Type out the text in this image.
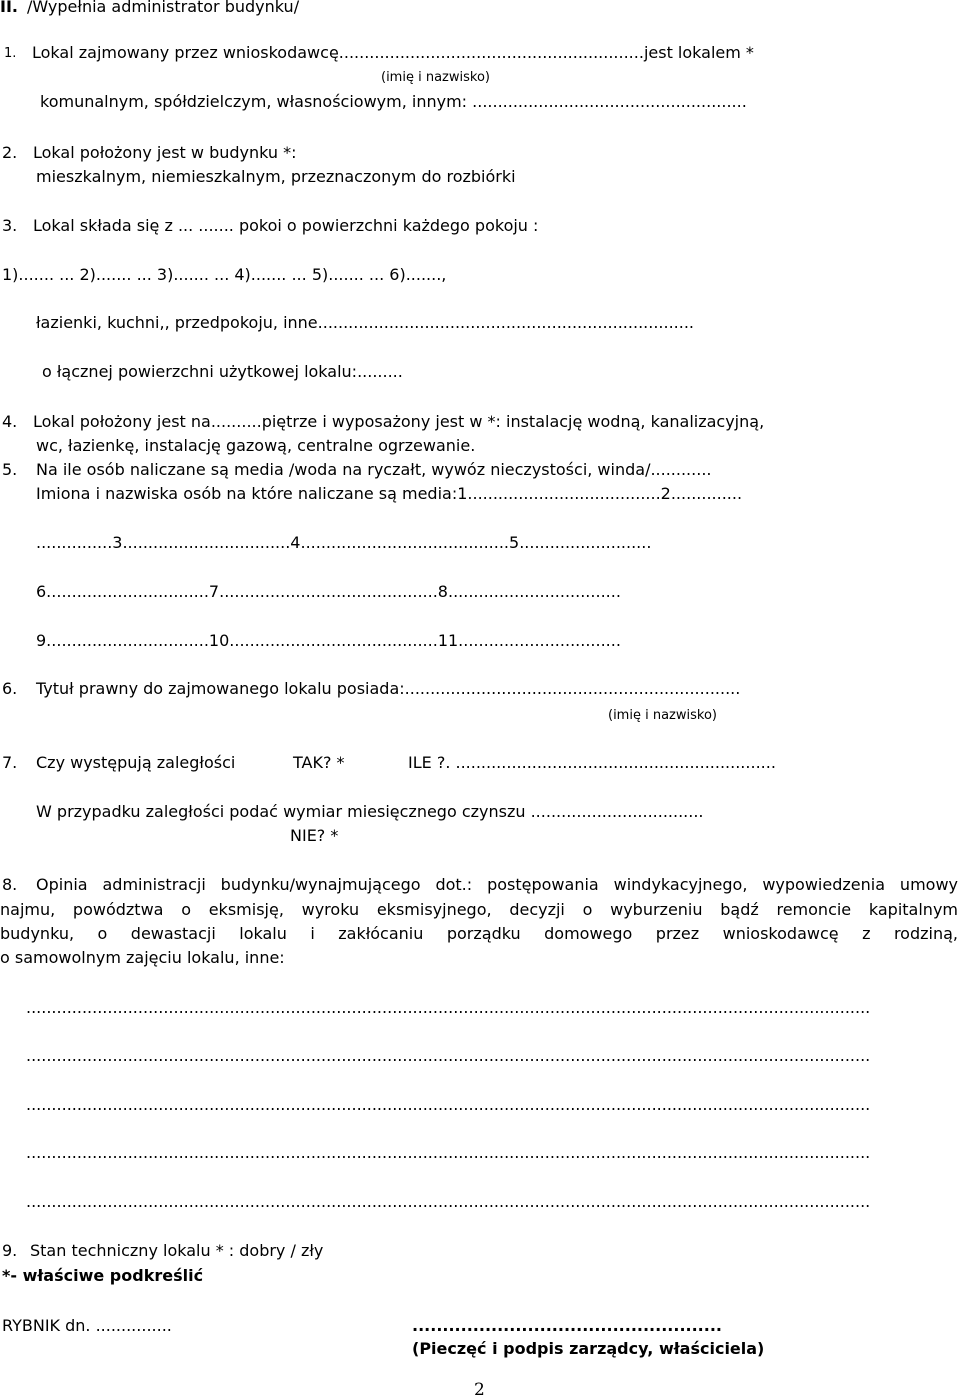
II. /Wypełnia administrator budynku/
1. Lokal zajmowany przez wnioskodawcę............................................................jest lokalem *
(imię i nazwisko)
komunalnym, spółdzielczym, własnościowym, innym: ......................................................
2. Lokal położony jest w budynku *:
mieszkalnym, niemieszkalnym, przeznaczonym do rozbiórki
3. Lokal składa się z ... ....... pokoi o powierzchni każdego pokoju :
1)....... ... 2)....... ... 3)....... ... 4)....... ... 5)....... ... 6).......,
łazienki, kuchni,, przedpokoju, inne..........................................................................
o łącznej powierzchni użytkowej lokalu:.........
4. Lokal położony jest na..........piętrze i wyposażony jest w *: instalację wodną, kanalizacyjną,
wc, łazienkę, instalację gazową, centralne ogrzewanie.
5. Na ile osób naliczane są media /woda na ryczałt, wywóz nieczystości, winda/............
Imiona i nazwiska osób na które naliczane są media:1......................................2..............
...............3.................................4.........................................5..........................
6................................7...........................................8..................................
9................................10.........................................11................................
6. Tytuł prawny do zajmowanego lokalu posiada:..................................................................
(imię i nazwisko)
7. Czy występują zaległości	TAK? *	ILE ?. ...............................................................
W przypadku zaległości podać wymiar miesięcznego czynszu ..................................
NIE? *
8. Opinia administracji budynku/wynajmującego dot.: postępowania windykacyjnego, wypowiedzenia umowy
najmu, powództwa o eksmisję, wyroku eksmisyjnego, decyzji o wyburzeniu bądź remoncie kapitalnym
budynku, o dewastacji lokalu i zakłócaniu porządku domowego przez wnioskodawcę z rodziną,
o samowolnym zajęciu lokalu, inne:
......................................................................................................................................................................
......................................................................................................................................................................
......................................................................................................................................................................
......................................................................................................................................................................
......................................................................................................................................................................
9. Stan techniczny lokalu * : dobry / zły
*- właściwe podkreślić
RYBNIK dn. ...............	...................................................
(Pieczęć i podpis zarządcy, właściciela)
2
